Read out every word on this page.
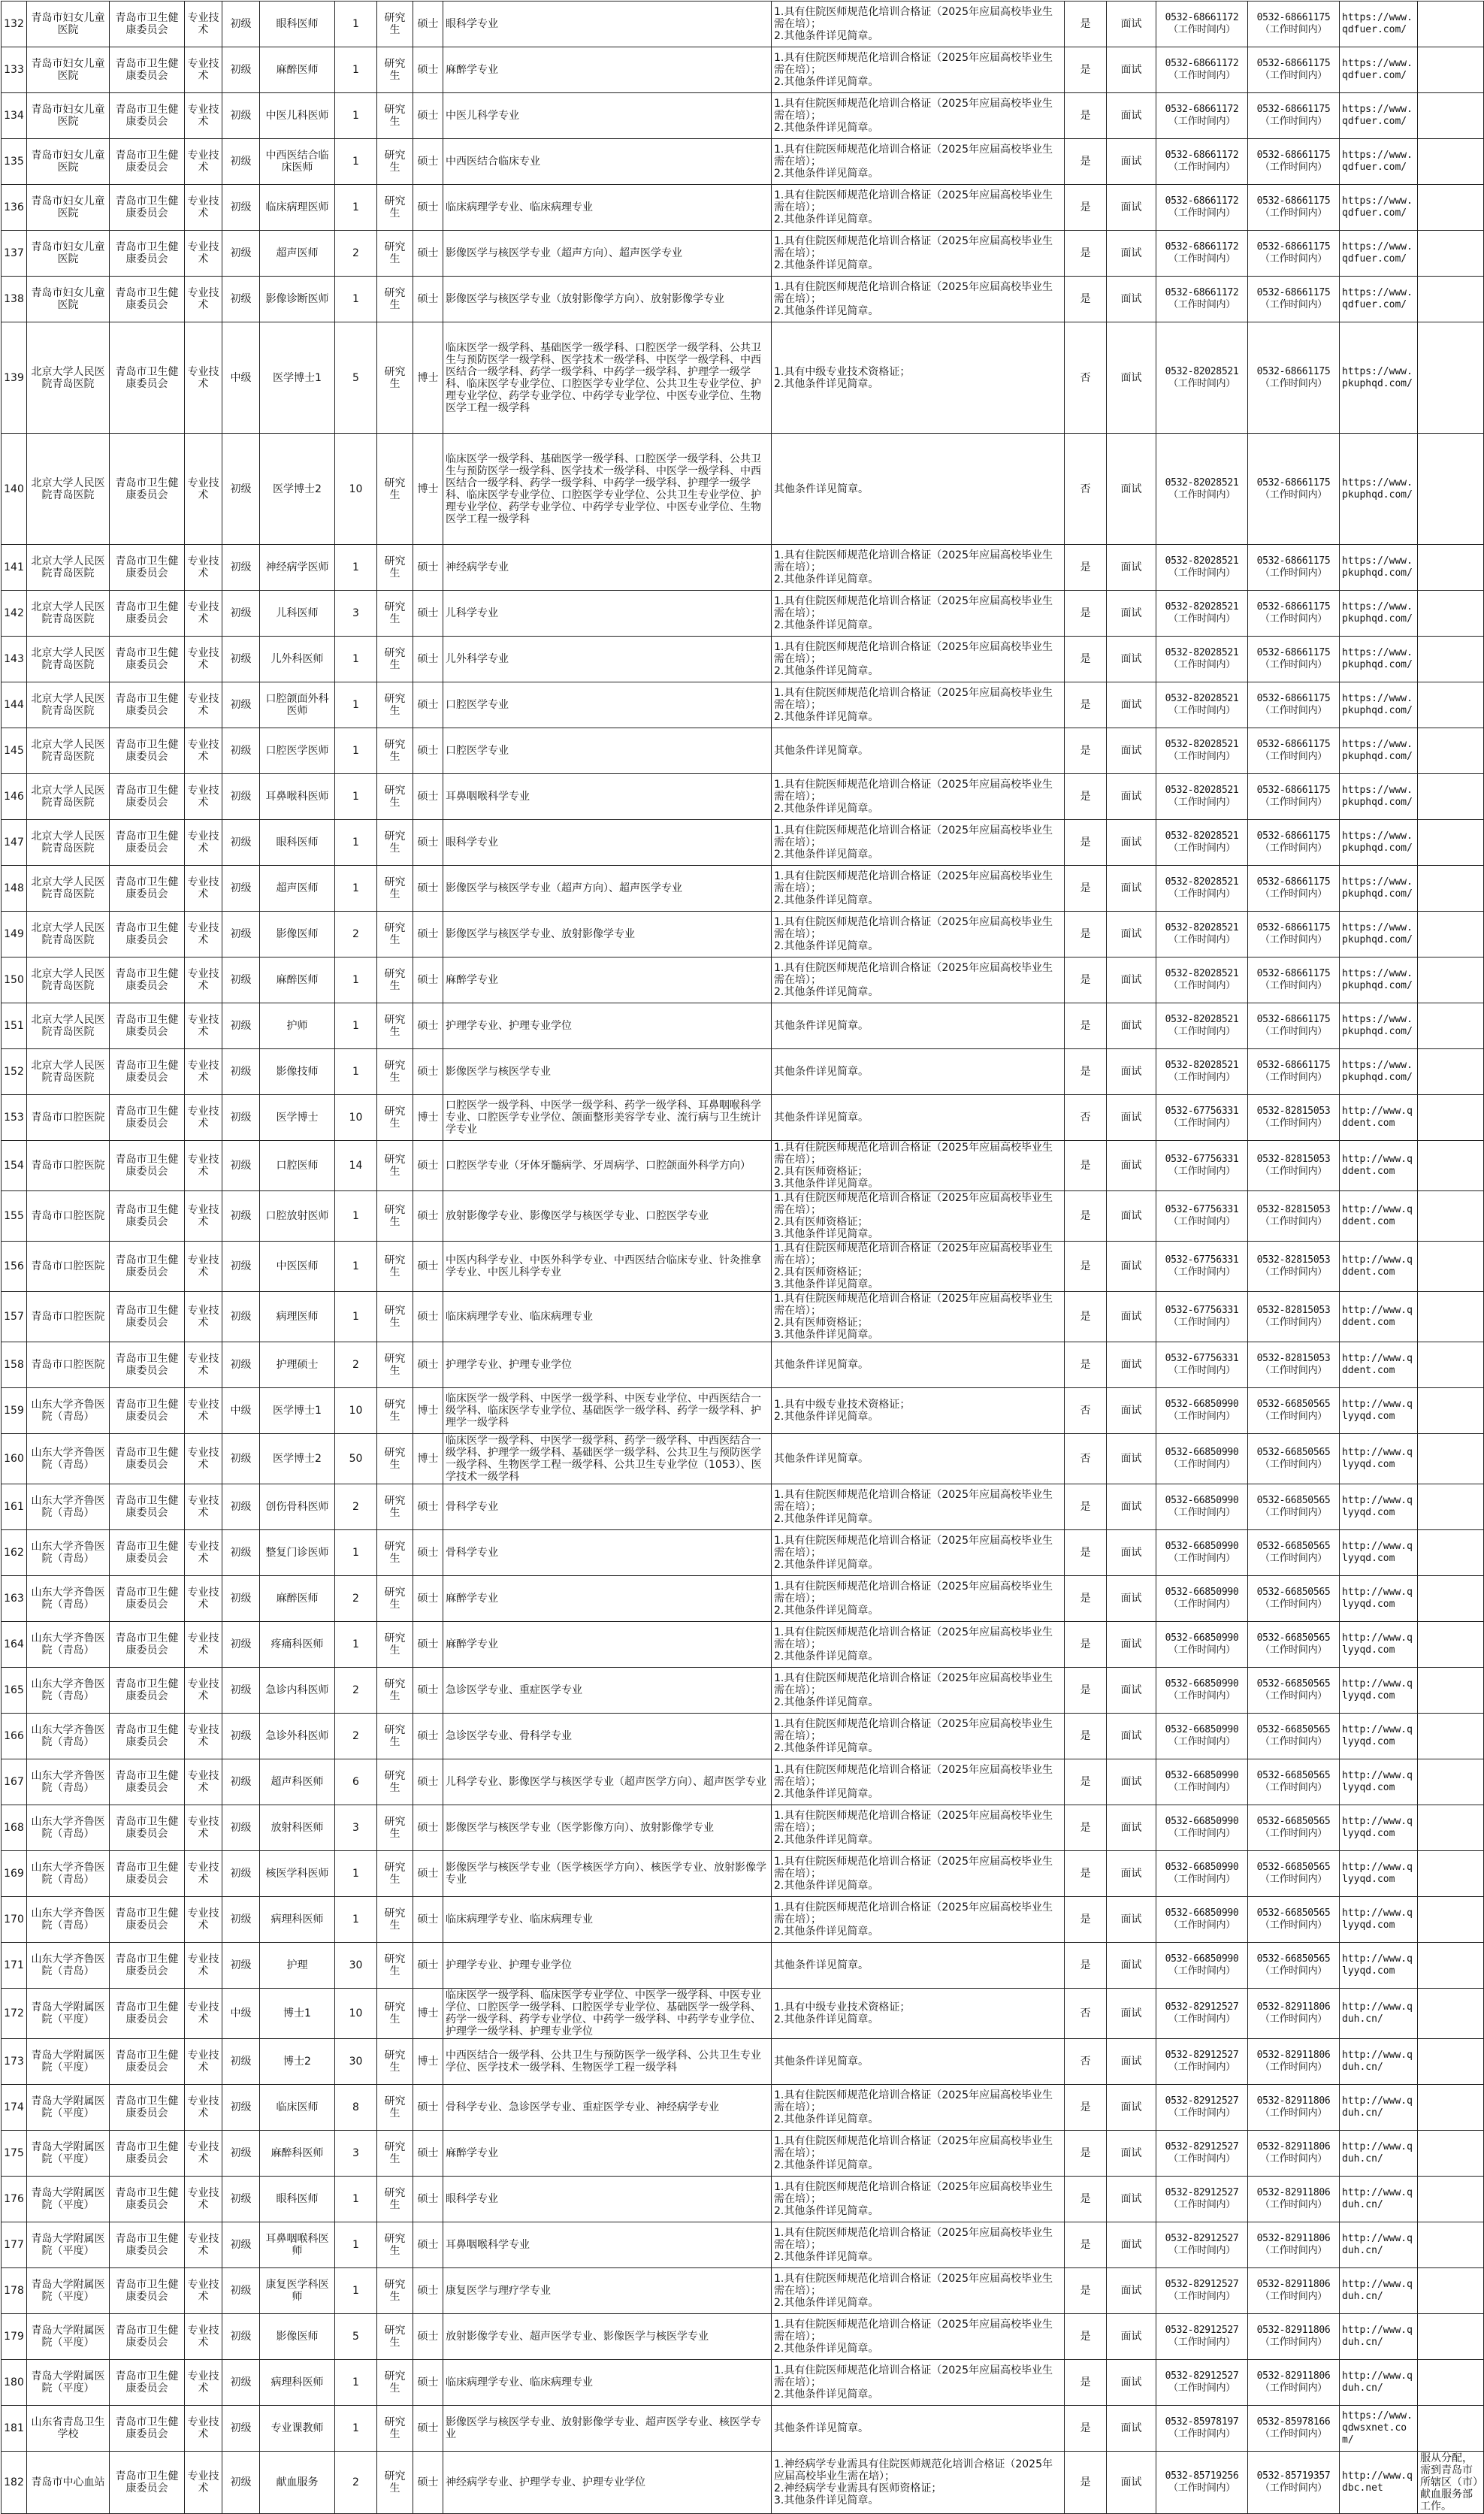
132	青岛市妇女儿童医院	青岛市卫生健康委员会	专业技术	初级	眼科医师	1	研究生	硕士	眼科学专业	1.具有住院医师规范化培训合格证（2025年应届高校毕业生需在培）；
2.其他条件详见简章。	是	面试	0532-68661172（工作时间内）	0532-68661175（工作时间内）	https://www.qdfuer.com/	
133	青岛市妇女儿童医院	青岛市卫生健康委员会	专业技术	初级	麻醉医师	1	研究生	硕士	麻醉学专业	1.具有住院医师规范化培训合格证（2025年应届高校毕业生需在培）；
2.其他条件详见简章。	是	面试	0532-68661172（工作时间内）	0532-68661175（工作时间内）	https://www.qdfuer.com/	
134	青岛市妇女儿童医院	青岛市卫生健康委员会	专业技术	初级	中医儿科医师	1	研究生	硕士	中医儿科学专业	1.具有住院医师规范化培训合格证（2025年应届高校毕业生需在培）；
2.其他条件详见简章。	是	面试	0532-68661172（工作时间内）	0532-68661175（工作时间内）	https://www.qdfuer.com/	
135	青岛市妇女儿童医院	青岛市卫生健康委员会	专业技术	初级	中西医结合临床医师	1	研究生	硕士	中西医结合临床专业	1.具有住院医师规范化培训合格证（2025年应届高校毕业生需在培）；
2.其他条件详见简章。	是	面试	0532-68661172（工作时间内）	0532-68661175（工作时间内）	https://www.qdfuer.com/	
136	青岛市妇女儿童医院	青岛市卫生健康委员会	专业技术	初级	临床病理医师	1	研究生	硕士	临床病理学专业、临床病理专业	1.具有住院医师规范化培训合格证（2025年应届高校毕业生需在培）；
2.其他条件详见简章。	是	面试	0532-68661172（工作时间内）	0532-68661175（工作时间内）	https://www.qdfuer.com/	
137	青岛市妇女儿童医院	青岛市卫生健康委员会	专业技术	初级	超声医师	2	研究生	硕士	影像医学与核医学专业（超声方向）、超声医学专业	1.具有住院医师规范化培训合格证（2025年应届高校毕业生需在培）；
2.其他条件详见简章。	是	面试	0532-68661172（工作时间内）	0532-68661175（工作时间内）	https://www.qdfuer.com/	
138	青岛市妇女儿童医院	青岛市卫生健康委员会	专业技术	初级	影像诊断医师	1	研究生	硕士	影像医学与核医学专业（放射影像学方向）、放射影像学专业	1.具有住院医师规范化培训合格证（2025年应届高校毕业生需在培）；
2.其他条件详见简章。	是	面试	0532-68661172（工作时间内）	0532-68661175（工作时间内）	https://www.qdfuer.com/	
139	北京大学人民医院青岛医院	青岛市卫生健康委员会	专业技术	中级	医学博士1	5	研究生	博士	临床医学一级学科、基础医学一级学科、口腔医学一级学科、公共卫生与预防医学一级学科、医学技术一级学科、中医学一级学科、中西医结合一级学科、药学一级学科、中药学一级学科、护理学一级学科、临床医学专业学位、口腔医学专业学位、公共卫生专业学位、护理专业学位、药学专业学位、中药学专业学位、中医专业学位、生物医学工程一级学科	1.具有中级专业技术资格证；
2.其他条件详见简章。	否	面试	0532-82028521（工作时间内）	0532-68661175（工作时间内）	https://www.pkuphqd.com/	
140	北京大学人民医院青岛医院	青岛市卫生健康委员会	专业技术	初级	医学博士2	10	研究生	博士	临床医学一级学科、基础医学一级学科、口腔医学一级学科、公共卫生与预防医学一级学科、医学技术一级学科、中医学一级学科、中西医结合一级学科、药学一级学科、中药学一级学科、护理学一级学科、临床医学专业学位、口腔医学专业学位、公共卫生专业学位、护理专业学位、药学专业学位、中药学专业学位、中医专业学位、生物医学工程一级学科	其他条件详见简章。	否	面试	0532-82028521（工作时间内）	0532-68661175（工作时间内）	https://www.pkuphqd.com/	
141	北京大学人民医院青岛医院	青岛市卫生健康委员会	专业技术	初级	神经病学医师	1	研究生	硕士	神经病学专业	1.具有住院医师规范化培训合格证（2025年应届高校毕业生需在培）；
2.其他条件详见简章。	是	面试	0532-82028521（工作时间内）	0532-68661175（工作时间内）	https://www.pkuphqd.com/	
142	北京大学人民医院青岛医院	青岛市卫生健康委员会	专业技术	初级	儿科医师	3	研究生	硕士	儿科学专业	1.具有住院医师规范化培训合格证（2025年应届高校毕业生需在培）；
2.其他条件详见简章。	是	面试	0532-82028521（工作时间内）	0532-68661175（工作时间内）	https://www.pkuphqd.com/	
143	北京大学人民医院青岛医院	青岛市卫生健康委员会	专业技术	初级	儿外科医师	1	研究生	硕士	儿外科学专业	1.具有住院医师规范化培训合格证（2025年应届高校毕业生需在培）；
2.其他条件详见简章。	是	面试	0532-82028521（工作时间内）	0532-68661175（工作时间内）	https://www.pkuphqd.com/	
144	北京大学人民医院青岛医院	青岛市卫生健康委员会	专业技术	初级	口腔颌面外科医师	1	研究生	硕士	口腔医学专业	1.具有住院医师规范化培训合格证（2025年应届高校毕业生需在培）；
2.其他条件详见简章。	是	面试	0532-82028521（工作时间内）	0532-68661175（工作时间内）	https://www.pkuphqd.com/	
145	北京大学人民医院青岛医院	青岛市卫生健康委员会	专业技术	初级	口腔医学医师	1	研究生	硕士	口腔医学专业	其他条件详见简章。	是	面试	0532-82028521（工作时间内）	0532-68661175（工作时间内）	https://www.pkuphqd.com/	
146	北京大学人民医院青岛医院	青岛市卫生健康委员会	专业技术	初级	耳鼻喉科医师	1	研究生	硕士	耳鼻咽喉科学专业	1.具有住院医师规范化培训合格证（2025年应届高校毕业生需在培）；
2.其他条件详见简章。	是	面试	0532-82028521（工作时间内）	0532-68661175（工作时间内）	https://www.pkuphqd.com/	
147	北京大学人民医院青岛医院	青岛市卫生健康委员会	专业技术	初级	眼科医师	1	研究生	硕士	眼科学专业	1.具有住院医师规范化培训合格证（2025年应届高校毕业生需在培）；
2.其他条件详见简章。	是	面试	0532-82028521（工作时间内）	0532-68661175（工作时间内）	https://www.pkuphqd.com/	
148	北京大学人民医院青岛医院	青岛市卫生健康委员会	专业技术	初级	超声医师	1	研究生	硕士	影像医学与核医学专业（超声方向）、超声医学专业	1.具有住院医师规范化培训合格证（2025年应届高校毕业生需在培）；
2.其他条件详见简章。	是	面试	0532-82028521（工作时间内）	0532-68661175（工作时间内）	https://www.pkuphqd.com/	
149	北京大学人民医院青岛医院	青岛市卫生健康委员会	专业技术	初级	影像医师	2	研究生	硕士	影像医学与核医学专业、放射影像学专业	1.具有住院医师规范化培训合格证（2025年应届高校毕业生需在培）；
2.其他条件详见简章。	是	面试	0532-82028521（工作时间内）	0532-68661175（工作时间内）	https://www.pkuphqd.com/	
150	北京大学人民医院青岛医院	青岛市卫生健康委员会	专业技术	初级	麻醉医师	1	研究生	硕士	麻醉学专业	1.具有住院医师规范化培训合格证（2025年应届高校毕业生需在培）；
2.其他条件详见简章。	是	面试	0532-82028521（工作时间内）	0532-68661175（工作时间内）	https://www.pkuphqd.com/	
151	北京大学人民医院青岛医院	青岛市卫生健康委员会	专业技术	初级	护师	1	研究生	硕士	护理学专业、护理专业学位	其他条件详见简章。	是	面试	0532-82028521（工作时间内）	0532-68661175（工作时间内）	https://www.pkuphqd.com/	
152	北京大学人民医院青岛医院	青岛市卫生健康委员会	专业技术	初级	影像技师	1	研究生	硕士	影像医学与核医学专业	其他条件详见简章。	是	面试	0532-82028521（工作时间内）	0532-68661175（工作时间内）	https://www.pkuphqd.com/	
153	青岛市口腔医院	青岛市卫生健康委员会	专业技术	初级	医学博士	10	研究生	博士	口腔医学一级学科、中医学一级学科、药学一级学科、耳鼻咽喉科学专业、口腔医学专业学位、颌面整形美容学专业、流行病与卫生统计学专业	其他条件详见简章。	否	面试	0532-67756331（工作时间内）	0532-82815053（工作时间内）	http://www.qddent.com	
154	青岛市口腔医院	青岛市卫生健康委员会	专业技术	初级	口腔医师	14	研究生	硕士	口腔医学专业（牙体牙髓病学、牙周病学、口腔颌面外科学方向）	1.具有住院医师规范化培训合格证（2025年应届高校毕业生需在培）；
2.具有医师资格证；
3.其他条件详见简章。	是	面试	0532-67756331（工作时间内）	0532-82815053（工作时间内）	http://www.qddent.com	
155	青岛市口腔医院	青岛市卫生健康委员会	专业技术	初级	口腔放射医师	1	研究生	硕士	放射影像学专业、影像医学与核医学专业、口腔医学专业	1.具有住院医师规范化培训合格证（2025年应届高校毕业生需在培）；
2.具有医师资格证；
3.其他条件详见简章。	是	面试	0532-67756331（工作时间内）	0532-82815053（工作时间内）	http://www.qddent.com	
156	青岛市口腔医院	青岛市卫生健康委员会	专业技术	初级	中医医师	1	研究生	硕士	中医内科学专业、中医外科学专业、中西医结合临床专业、针灸推拿学专业、中医儿科学专业	1.具有住院医师规范化培训合格证（2025年应届高校毕业生需在培）；
2.具有医师资格证；
3.其他条件详见简章。	是	面试	0532-67756331（工作时间内）	0532-82815053（工作时间内）	http://www.qddent.com	
157	青岛市口腔医院	青岛市卫生健康委员会	专业技术	初级	病理医师	1	研究生	硕士	临床病理学专业、临床病理专业	1.具有住院医师规范化培训合格证（2025年应届高校毕业生需在培）；
2.具有医师资格证；
3.其他条件详见简章。	是	面试	0532-67756331（工作时间内）	0532-82815053（工作时间内）	http://www.qddent.com	
158	青岛市口腔医院	青岛市卫生健康委员会	专业技术	初级	护理硕士	2	研究生	硕士	护理学专业、护理专业学位	其他条件详见简章。	是	面试	0532-67756331（工作时间内）	0532-82815053（工作时间内）	http://www.qddent.com	
159	山东大学齐鲁医院（青岛）	青岛市卫生健康委员会	专业技术	中级	医学博士1	10	研究生	博士	临床医学一级学科、中医学一级学科、中医专业学位、中西医结合一级学科、临床医学专业学位、基础医学一级学科、药学一级学科、护理学一级学科	1.具有中级专业技术资格证；
2.其他条件详见简章。	否	面试	0532-66850990（工作时间内）	0532-66850565（工作时间内）	http://www.qlyyqd.com	
160	山东大学齐鲁医院（青岛）	青岛市卫生健康委员会	专业技术	初级	医学博士2	50	研究生	博士	临床医学一级学科、中医学一级学科、药学一级学科、中西医结合一级学科、护理学一级学科、基础医学一级学科、公共卫生与预防医学一级学科、生物医学工程一级学科、公共卫生专业学位（1053）、医学技术一级学科	其他条件详见简章。	否	面试	0532-66850990（工作时间内）	0532-66850565（工作时间内）	http://www.qlyyqd.com	
161	山东大学齐鲁医院（青岛）	青岛市卫生健康委员会	专业技术	初级	创伤骨科医师	2	研究生	硕士	骨科学专业	1.具有住院医师规范化培训合格证（2025年应届高校毕业生需在培）；
2.其他条件详见简章。	是	面试	0532-66850990（工作时间内）	0532-66850565（工作时间内）	http://www.qlyyqd.com	
162	山东大学齐鲁医院（青岛）	青岛市卫生健康委员会	专业技术	初级	整复门诊医师	1	研究生	硕士	骨科学专业	1.具有住院医师规范化培训合格证（2025年应届高校毕业生需在培）；
2.其他条件详见简章。	是	面试	0532-66850990（工作时间内）	0532-66850565（工作时间内）	http://www.qlyyqd.com	
163	山东大学齐鲁医院（青岛）	青岛市卫生健康委员会	专业技术	初级	麻醉医师	2	研究生	硕士	麻醉学专业	1.具有住院医师规范化培训合格证（2025年应届高校毕业生需在培）；
2.其他条件详见简章。	是	面试	0532-66850990（工作时间内）	0532-66850565（工作时间内）	http://www.qlyyqd.com	
164	山东大学齐鲁医院（青岛）	青岛市卫生健康委员会	专业技术	初级	疼痛科医师	1	研究生	硕士	麻醉学专业	1.具有住院医师规范化培训合格证（2025年应届高校毕业生需在培）；
2.其他条件详见简章。	是	面试	0532-66850990（工作时间内）	0532-66850565（工作时间内）	http://www.qlyyqd.com	
165	山东大学齐鲁医院（青岛）	青岛市卫生健康委员会	专业技术	初级	急诊内科医师	2	研究生	硕士	急诊医学专业、重症医学专业	1.具有住院医师规范化培训合格证（2025年应届高校毕业生需在培）；
2.其他条件详见简章。	是	面试	0532-66850990（工作时间内）	0532-66850565（工作时间内）	http://www.qlyyqd.com	
166	山东大学齐鲁医院（青岛）	青岛市卫生健康委员会	专业技术	初级	急诊外科医师	2	研究生	硕士	急诊医学专业、骨科学专业	1.具有住院医师规范化培训合格证（2025年应届高校毕业生需在培）；
2.其他条件详见简章。	是	面试	0532-66850990（工作时间内）	0532-66850565（工作时间内）	http://www.qlyyqd.com	
167	山东大学齐鲁医院（青岛）	青岛市卫生健康委员会	专业技术	初级	超声科医师	6	研究生	硕士	儿科学专业、影像医学与核医学专业（超声医学方向）、超声医学专业	1.具有住院医师规范化培训合格证（2025年应届高校毕业生需在培）；
2.其他条件详见简章。	是	面试	0532-66850990（工作时间内）	0532-66850565（工作时间内）	http://www.qlyyqd.com	
168	山东大学齐鲁医院（青岛）	青岛市卫生健康委员会	专业技术	初级	放射科医师	3	研究生	硕士	影像医学与核医学专业（医学影像方向）、放射影像学专业	1.具有住院医师规范化培训合格证（2025年应届高校毕业生需在培）；
2.其他条件详见简章。	是	面试	0532-66850990（工作时间内）	0532-66850565（工作时间内）	http://www.qlyyqd.com	
169	山东大学齐鲁医院（青岛）	青岛市卫生健康委员会	专业技术	初级	核医学科医师	1	研究生	硕士	影像医学与核医学专业（医学核医学方向）、核医学专业、放射影像学专业	1.具有住院医师规范化培训合格证（2025年应届高校毕业生需在培）；
2.其他条件详见简章。	是	面试	0532-66850990（工作时间内）	0532-66850565（工作时间内）	http://www.qlyyqd.com	
170	山东大学齐鲁医院（青岛）	青岛市卫生健康委员会	专业技术	初级	病理科医师	1	研究生	硕士	临床病理学专业、临床病理专业	1.具有住院医师规范化培训合格证（2025年应届高校毕业生需在培）；
2.其他条件详见简章。	是	面试	0532-66850990（工作时间内）	0532-66850565（工作时间内）	http://www.qlyyqd.com	
171	山东大学齐鲁医院（青岛）	青岛市卫生健康委员会	专业技术	初级	护理	30	研究生	硕士	护理学专业、护理专业学位	其他条件详见简章。	是	面试	0532-66850990（工作时间内）	0532-66850565（工作时间内）	http://www.qlyyqd.com	
172	青岛大学附属医院（平度）	青岛市卫生健康委员会	专业技术	中级	博士1	10	研究生	博士	临床医学一级学科、临床医学专业学位、中医学一级学科、中医专业学位、口腔医学一级学科、口腔医学专业学位、基础医学一级学科、药学一级学科、药学专业学位、中药学一级学科、中药学专业学位、护理学一级学科、护理专业学位	1.具有中级专业技术资格证；
2.其他条件详见简章。	否	面试	0532-82912527（工作时间内）	0532-82911806（工作时间内）	http://www.qduh.cn/	
173	青岛大学附属医院（平度）	青岛市卫生健康委员会	专业技术	初级	博士2	30	研究生	博士	中西医结合一级学科、公共卫生与预防医学一级学科、公共卫生专业学位、医学技术一级学科、生物医学工程一级学科	其他条件详见简章。	否	面试	0532-82912527（工作时间内）	0532-82911806（工作时间内）	http://www.qduh.cn/	
174	青岛大学附属医院（平度）	青岛市卫生健康委员会	专业技术	初级	临床医师	8	研究生	硕士	骨科学专业、急诊医学专业、重症医学专业、神经病学专业	1.具有住院医师规范化培训合格证（2025年应届高校毕业生需在培）；
2.其他条件详见简章。	是	面试	0532-82912527（工作时间内）	0532-82911806（工作时间内）	http://www.qduh.cn/	
175	青岛大学附属医院（平度）	青岛市卫生健康委员会	专业技术	初级	麻醉科医师	3	研究生	硕士	麻醉学专业	1.具有住院医师规范化培训合格证（2025年应届高校毕业生需在培）；
2.其他条件详见简章。	是	面试	0532-82912527（工作时间内）	0532-82911806（工作时间内）	http://www.qduh.cn/	
176	青岛大学附属医院（平度）	青岛市卫生健康委员会	专业技术	初级	眼科医师	1	研究生	硕士	眼科学专业	1.具有住院医师规范化培训合格证（2025年应届高校毕业生需在培）；
2.其他条件详见简章。	是	面试	0532-82912527（工作时间内）	0532-82911806（工作时间内）	http://www.qduh.cn/	
177	青岛大学附属医院（平度）	青岛市卫生健康委员会	专业技术	初级	耳鼻咽喉科医师	1	研究生	硕士	耳鼻咽喉科学专业	1.具有住院医师规范化培训合格证（2025年应届高校毕业生需在培）；
2.其他条件详见简章。	是	面试	0532-82912527（工作时间内）	0532-82911806（工作时间内）	http://www.qduh.cn/	
178	青岛大学附属医院（平度）	青岛市卫生健康委员会	专业技术	初级	康复医学科医师	1	研究生	硕士	康复医学与理疗学专业	1.具有住院医师规范化培训合格证（2025年应届高校毕业生需在培）；
2.其他条件详见简章。	是	面试	0532-82912527（工作时间内）	0532-82911806（工作时间内）	http://www.qduh.cn/	
179	青岛大学附属医院（平度）	青岛市卫生健康委员会	专业技术	初级	影像医师	5	研究生	硕士	放射影像学专业、超声医学专业、影像医学与核医学专业	1.具有住院医师规范化培训合格证（2025年应届高校毕业生需在培）；
2.其他条件详见简章。	是	面试	0532-82912527（工作时间内）	0532-82911806（工作时间内）	http://www.qduh.cn/	
180	青岛大学附属医院（平度）	青岛市卫生健康委员会	专业技术	初级	病理科医师	1	研究生	硕士	临床病理学专业、临床病理专业	1.具有住院医师规范化培训合格证（2025年应届高校毕业生需在培）；
2.其他条件详见简章。	是	面试	0532-82912527（工作时间内）	0532-82911806（工作时间内）	http://www.qduh.cn/	
181	山东省青岛卫生学校	青岛市卫生健康委员会	专业技术	初级	专业课教师	1	研究生	硕士	影像医学与核医学专业、放射影像学专业、超声医学专业、核医学专业	其他条件详见简章。	是	面试	0532-85978197（工作时间内）	0532-85978166（工作时间内）	https://www.qdwsxnet.com/	
182	青岛市中心血站	青岛市卫生健康委员会	专业技术	初级	献血服务	2	研究生	硕士	神经病学专业、护理学专业、护理专业学位	1.神经病学专业需具有住院医师规范化培训合格证（2025年应届高校毕业生需在培）；
2.神经病学专业需具有医师资格证；
3.其他条件详见简章。	是	面试	0532-85719256（工作时间内）	0532-85719357（工作时间内）	http://www.qdbc.net	服从分配，需到青岛市所辖区（市）献血服务部工作。
